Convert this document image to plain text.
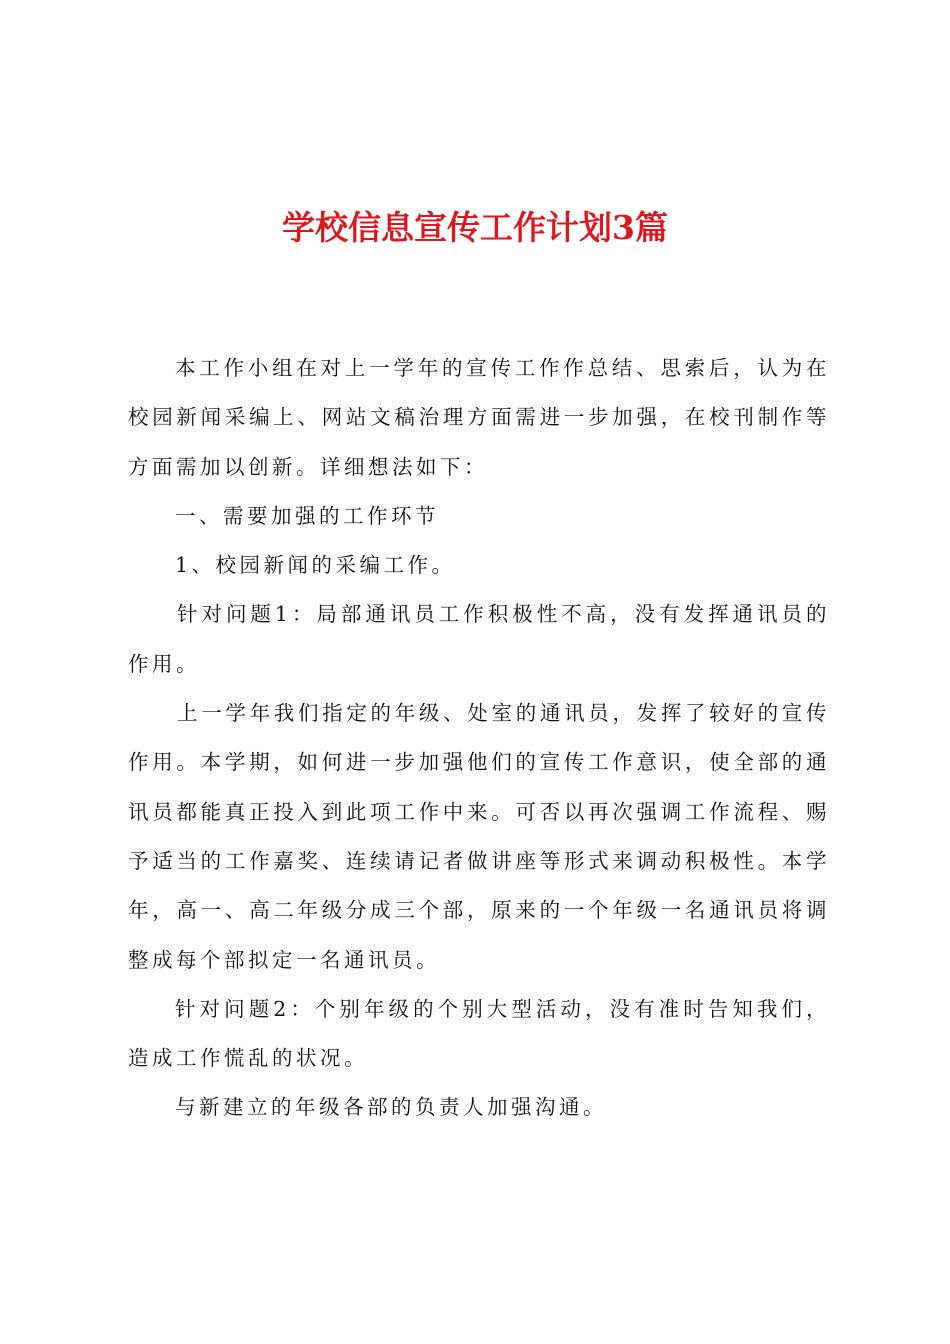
学校信息宣传工作计划3篇

本工作小组在对上一学年的宣传工作作总结、思索后，认为在校园新闻采编上、网站文稿治理方面需进一步加强，在校刊制作等方面需加以创新。详细想法如下：

一、需要加强的工作环节

1、校园新闻的采编工作。

针对问题1：局部通讯员工作积极性不高，没有发挥通讯员的作用。

上一学年我们指定的年级、处室的通讯员，发挥了较好的宣传作用。本学期，如何进一步加强他们的宣传工作意识，使全部的通讯员都能真正投入到此项工作中来。可否以再次强调工作流程、赐予适当的工作嘉奖、连续请记者做讲座等形式来调动积极性。本学年，高一、高二年级分成三个部，原来的一个年级一名通讯员将调整成每个部拟定一名通讯员。

针对问题2：个别年级的个别大型活动，没有准时告知我们，造成工作慌乱的状况。

与新建立的年级各部的负责人加强沟通。
